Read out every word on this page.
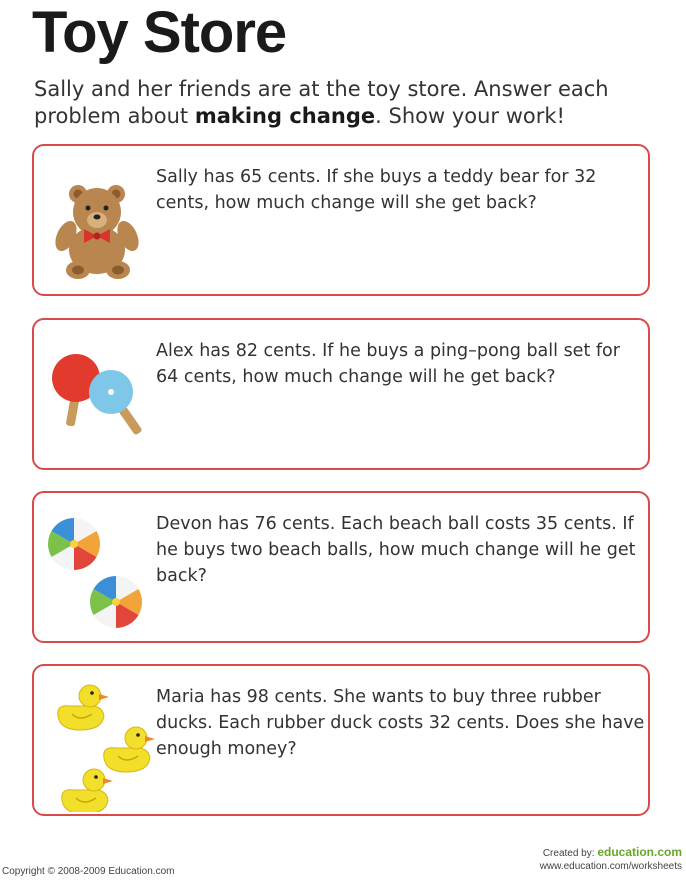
Toy Store
Sally and her friends are at the toy store. Answer each problem about making change. Show your work!
Sally has 65 cents. If she buys a teddy bear for 32 cents, how much change will she get back?
Alex has 82 cents. If he buys a ping–pong ball set for 64 cents, how much change will he get back?
Devon has 76 cents. Each beach ball costs 35 cents. If he buys two beach balls, how much change will he get back?
Maria has 98 cents. She wants to buy three rubber ducks. Each rubber duck costs 32 cents. Does she have enough money?
Copyright © 2008-2009 Education.com
Created by: education.com
www.education.com/worksheets
